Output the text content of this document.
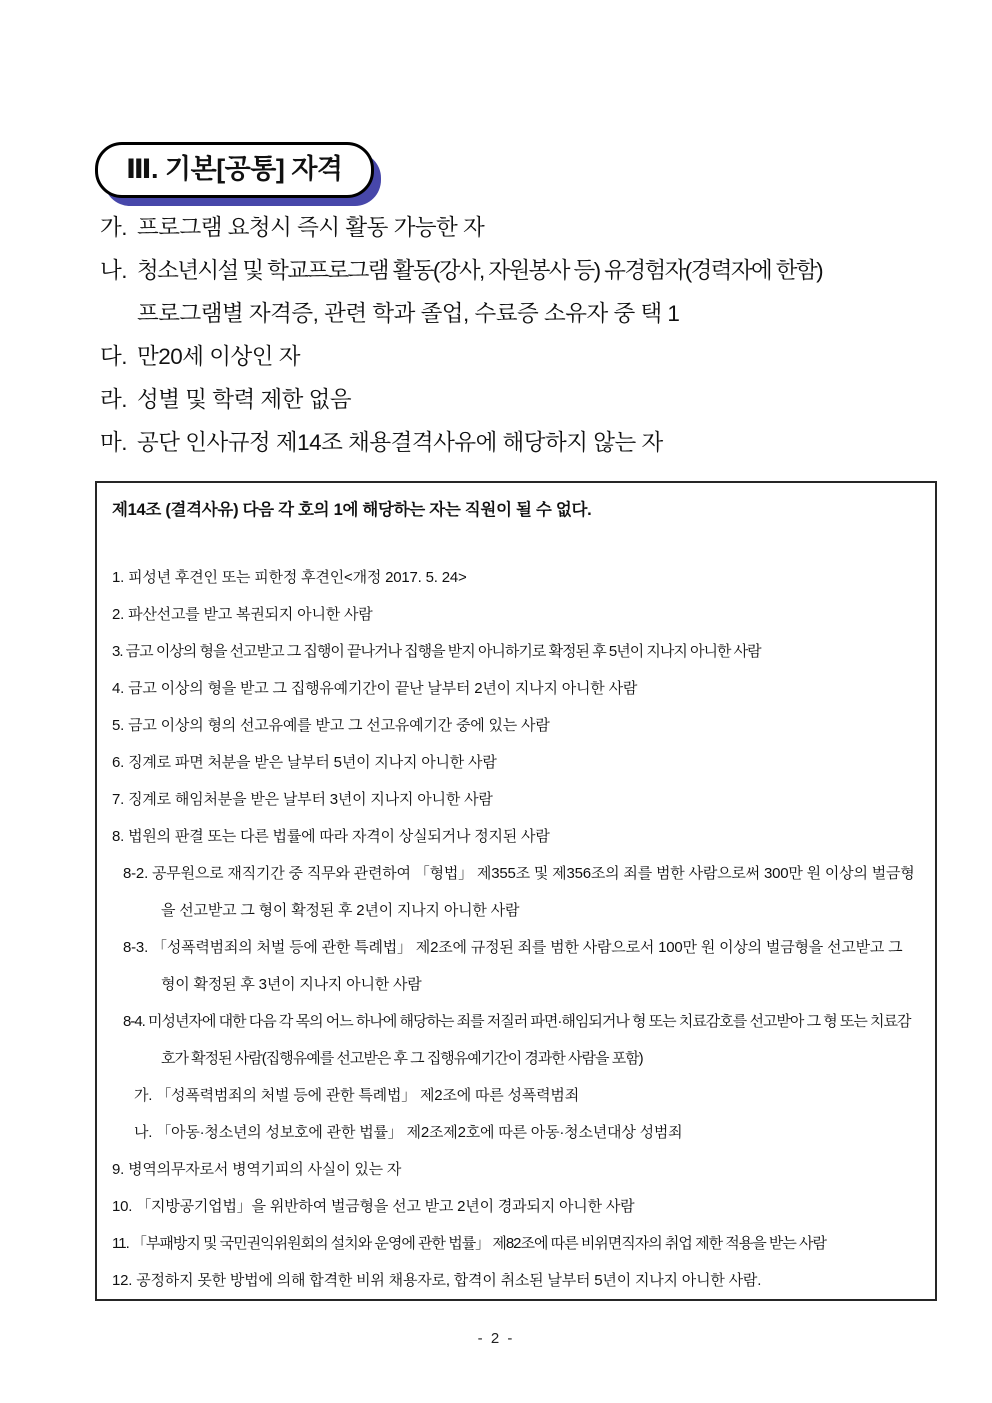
Ⅲ. 기본[공통] 자격
가. 프로그램 요청시 즉시 활동 가능한 자
나. 청소년시설 및 학교프로그램 활동(강사, 자원봉사 등) 유경험자(경력자에 한함)
프로그램별 자격증, 관련 학과 졸업, 수료증 소유자 중 택 1
다. 만20세 이상인 자
라. 성별 및 학력 제한 없음
마. 공단 인사규정 제14조 채용결격사유에 해당하지 않는 자
제14조 (결격사유) 다음 각 호의 1에 해당하는 자는 직원이 될 수 없다.
1. 피성년 후견인 또는 피한정 후견인<개정 2017. 5. 24>
2. 파산선고를 받고 복권되지 아니한 사람
3. 금고 이상의 형을 선고받고 그 집행이 끝나거나 집행을 받지 아니하기로 확정된 후 5년이 지나지 아니한 사람
4. 금고 이상의 형을 받고 그 집행유예기간이 끝난 날부터 2년이 지나지 아니한 사람
5. 금고 이상의 형의 선고유예를 받고 그 선고유예기간 중에 있는 사람
6. 징계로 파면 처분을 받은 날부터 5년이 지나지 아니한 사람
7. 징계로 해임처분을 받은 날부터 3년이 지나지 아니한 사람
8. 법원의 판결 또는 다른 법률에 따라 자격이 상실되거나 정지된 사람
8-2. 공무원으로 재직기간 중 직무와 관련하여 「형법」 제355조 및 제356조의 죄를 범한 사람으로써 300만 원 이상의 벌금형을 선고받고 그 형이 확정된 후 2년이 지나지 아니한 사람
8-3. 「성폭력범죄의 처벌 등에 관한 특례법」 제2조에 규정된 죄를 범한 사람으로서 100만 원 이상의 벌금형을 선고받고 그 형이 확정된 후 3년이 지나지 아니한 사람
8-4. 미성년자에 대한 다음 각 목의 어느 하나에 해당하는 죄를 저질러 파면·해임되거나 형 또는 치료감호를 선고받아 그 형 또는 치료감호가 확정된 사람(집행유예를 선고받은 후 그 집행유예기간이 경과한 사람을 포함)
가. 「성폭력범죄의 처벌 등에 관한 특례법」 제2조에 따른 성폭력범죄
나. 「아동·청소년의 성보호에 관한 법률」 제2조제2호에 따른 아동·청소년대상 성범죄
9. 병역의무자로서 병역기피의 사실이 있는 자
10. 「지방공기업법」을 위반하여 벌금형을 선고 받고 2년이 경과되지 아니한 사람
11. 「부패방지 및 국민권익위원회의 설치와 운영에 관한 법률」 제82조에 따른 비위면직자의 취업 제한 적용을 받는 사람
12. 공정하지 못한 방법에 의해 합격한 비위 채용자로, 합격이 취소된 날부터 5년이 지나지 아니한 사람.
- 2 -
